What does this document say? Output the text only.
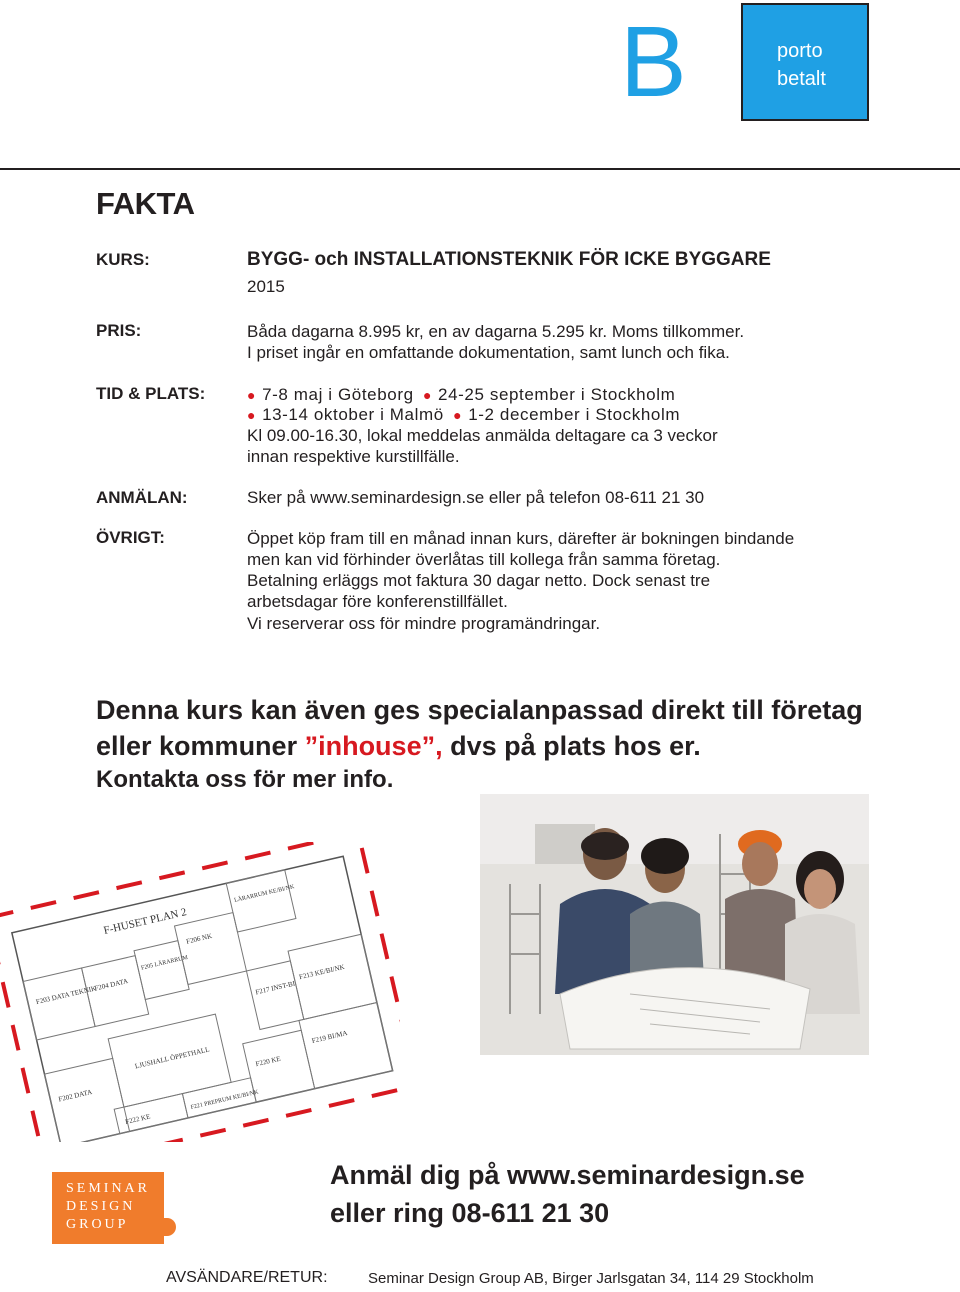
B	porto
betalt
FAKTA
KURS:	BYGG- och INSTALLATIONSTEKNIK FÖR ICKE BYGGARE
2015
PRIS:	Båda dagarna 8.995 kr, en av dagarna 5.295 kr. Moms tillkommer.
I priset ingår en omfattande dokumentation, samt lunch och fika.
TID & PLATS:	● 7-8 maj i Göteborg ● 24-25 september i Stockholm
● 13-14 oktober i Malmö ● 1-2 december i Stockholm
Kl 09.00-16.30, lokal meddelas anmälda deltagare ca 3 veckor
innan respektive kurstillfälle.
ANMÄLAN:	Sker på www.seminardesign.se eller på telefon 08-611 21 30
ÖVRIGT:	Öppet köp fram till en månad innan kurs, därefter är bokningen bindande
men kan vid förhinder överlåtas till kollega från samma företag.
Betalning erläggs mot faktura 30 dagar netto. Dock senast tre
arbetsdagar före konferenstillfället.
Vi reserverar oss för mindre programändringar.
Denna kurs kan även ges specialanpassad direkt till företag
eller kommuner ”inhouse”, dvs på plats hos er.
Kontakta oss för mer info.
F-HUSET PLAN 2
F203 DATA TEKNIK
F204 DATA
F205 LÄRARRUM
F206 NK
LÄRARRUM KE/BI/NK
F217 INST-BI
F213 KE/BI/NK
LJUSHALL ÖPPETHALL
F202 DATA
F220 KE
F219 BI/MA
F221 PREPRUM KE/BI/NK
F222 KE
SEMINAR
DESIGN
GROUP
Anmäl dig på www.seminardesign.se
eller ring 08-611 21 30
AVSÄNDARE/RETUR:	Seminar Design Group AB, Birger Jarlsgatan 34, 114 29 Stockholm
